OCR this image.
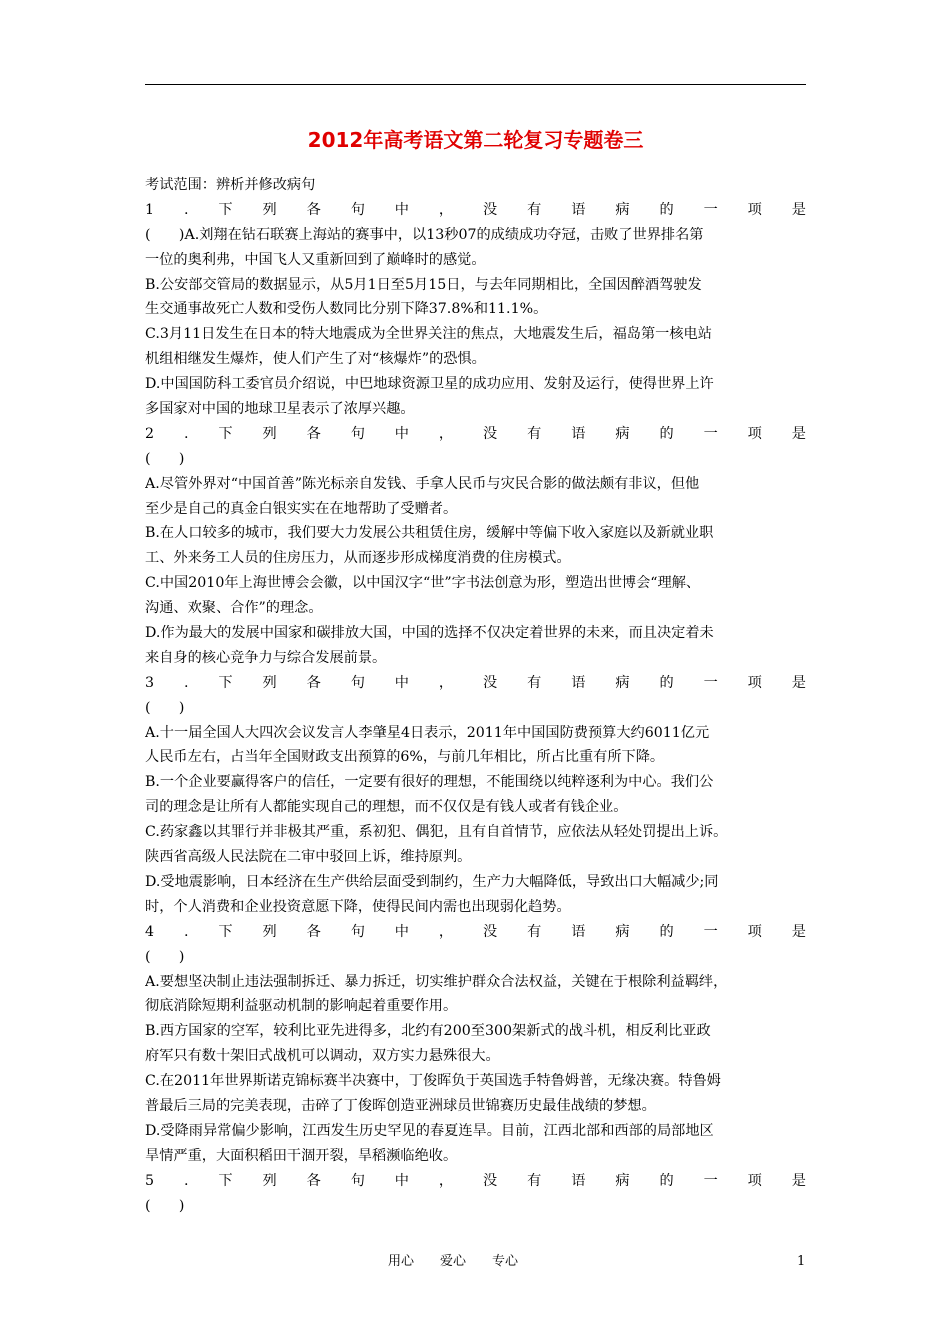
2012年高考语文第二轮复习专题卷三
考试范围：辨析并修改病句
1 . 下 列 各 句 中 ， 没 有 语 病 的 一 项 是
(　　)A.刘翔在钻石联赛上海站的赛事中，以13秒07的成绩成功夺冠，击败了世界排名第
一位的奥利弗，中国飞人又重新回到了巅峰时的感觉。
B.公安部交管局的数据显示，从5月1日至5月15日，与去年同期相比，全国因醉酒驾驶发
生交通事故死亡人数和受伤人数同比分别下降37.8%和11.1%。
C.3月11日发生在日本的特大地震成为全世界关注的焦点，大地震发生后，福岛第一核电站
机组相继发生爆炸，使人们产生了对“核爆炸”的恐惧。
D.中国国防科工委官员介绍说，中巴地球资源卫星的成功应用、发射及运行，使得世界上许
多国家对中国的地球卫星表示了浓厚兴趣。
2 . 下 列 各 句 中 ， 没 有 语 病 的 一 项 是
(　　)
A.尽管外界对“中国首善”陈光标亲自发钱、手拿人民币与灾民合影的做法颇有非议，但他
至少是自己的真金白银实实在在地帮助了受赠者。
B.在人口较多的城市，我们要大力发展公共租赁住房，缓解中等偏下收入家庭以及新就业职
工、外来务工人员的住房压力，从而逐步形成梯度消费的住房模式。
C.中国2010年上海世博会会徽，以中国汉字“世”字书法创意为形，塑造出世博会“理解、
沟通、欢聚、合作”的理念。
D.作为最大的发展中国家和碳排放大国，中国的选择不仅决定着世界的未来，而且决定着未
来自身的核心竞争力与综合发展前景。
3 . 下 列 各 句 中 ， 没 有 语 病 的 一 项 是
(　　)
A.十一届全国人大四次会议发言人李肇星4日表示，2011年中国国防费预算大约6011亿元
人民币左右，占当年全国财政支出预算的6%，与前几年相比，所占比重有所下降。
B.一个企业要赢得客户的信任，一定要有很好的理想，不能围绕以纯粹逐利为中心。我们公
司的理念是让所有人都能实现自己的理想，而不仅仅是有钱人或者有钱企业。
C.药家鑫以其罪行并非极其严重，系初犯、偶犯，且有自首情节，应依法从轻处罚提出上诉。
陕西省高级人民法院在二审中驳回上诉，维持原判。
D.受地震影响，日本经济在生产供给层面受到制约，生产力大幅降低，导致出口大幅减少;同
时，个人消费和企业投资意愿下降，使得民间内需也出现弱化趋势。
4 . 下 列 各 句 中 ， 没 有 语 病 的 一 项 是
(　　)
A.要想坚决制止违法强制拆迁、暴力拆迁，切实维护群众合法权益，关键在于根除利益羁绊，
彻底消除短期利益驱动机制的影响起着重要作用。
B.西方国家的空军，较利比亚先进得多，北约有200至300架新式的战斗机，相反利比亚政
府军只有数十架旧式战机可以调动，双方实力悬殊很大。
C.在2011年世界斯诺克锦标赛半决赛中，丁俊晖负于英国选手特鲁姆普，无缘决赛。特鲁姆
普最后三局的完美表现，击碎了丁俊晖创造亚洲球员世锦赛历史最佳战绩的梦想。
D.受降雨异常偏少影响，江西发生历史罕见的春夏连旱。目前，江西北部和西部的局部地区
旱情严重，大面积稻田干涸开裂，旱稻濒临绝收。
5 . 下 列 各 句 中 ， 没 有 语 病 的 一 项 是
(　　)
用心　　爱心　　专心	1
